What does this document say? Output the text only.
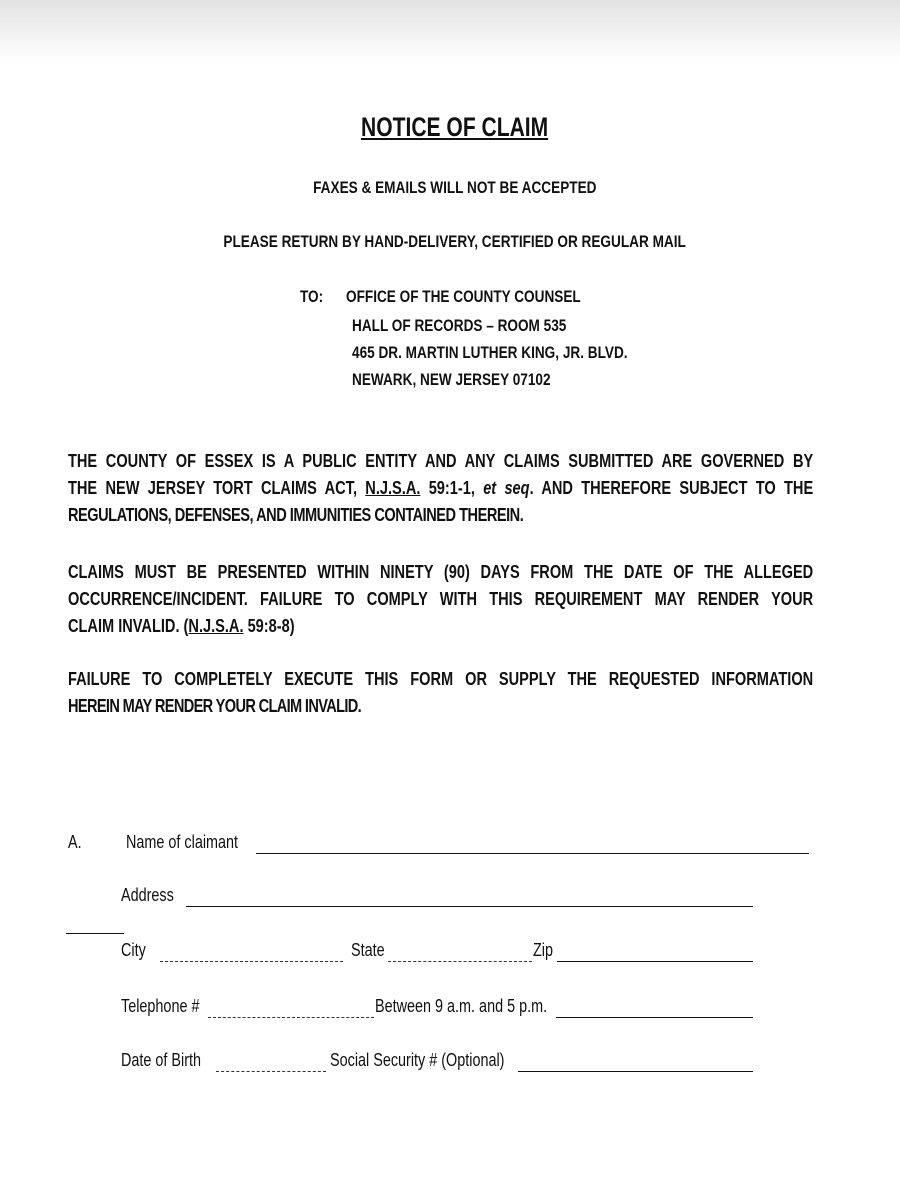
NOTICE OF CLAIM
FAXES & EMAILS WILL NOT BE ACCEPTED
PLEASE RETURN BY HAND-DELIVERY, CERTIFIED OR REGULAR MAIL
TO: OFFICE OF THE COUNTY COUNSEL
HALL OF RECORDS – ROOM 535
465 DR. MARTIN LUTHER KING, JR. BLVD.
NEWARK, NEW JERSEY 07102
THE COUNTY OF ESSEX IS A PUBLIC ENTITY AND ANY CLAIMS SUBMITTED ARE GOVERNED BY
THE NEW JERSEY TORT CLAIMS ACT, N.J.S.A. 59:1-1, et seq. AND THEREFORE SUBJECT TO THE
REGULATIONS, DEFENSES, AND IMMUNITIES CONTAINED THEREIN.
CLAIMS MUST BE PRESENTED WITHIN NINETY (90) DAYS FROM THE DATE OF THE ALLEGED
OCCURRENCE/INCIDENT. FAILURE TO COMPLY WITH THIS REQUIREMENT MAY RENDER YOUR
CLAIM INVALID. (N.J.S.A. 59:8-8)
FAILURE TO COMPLETELY EXECUTE THIS FORM OR SUPPLY THE REQUESTED INFORMATION
HEREIN MAY RENDER YOUR CLAIM INVALID.
A. Name of claimant
Address
City	State	Zip
Telephone #	Between 9 a.m. and 5 p.m.
Date of Birth	Social Security # (Optional)
